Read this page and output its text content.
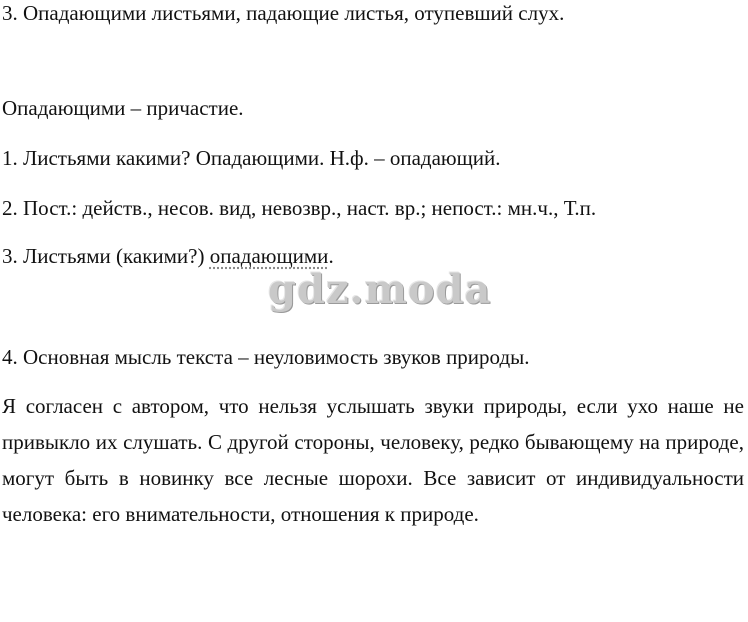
3. Опадающими листьями, падающие листья, отупевший слух.
Опадающими – причастие.
1. Листьями какими? Опадающими. Н.ф. – опадающий.
2. Пост.: действ., несов. вид, невозвр., наст. вр.; непост.: мн.ч., Т.п.
3. Листьями (какими?) опадающими.
gdz.moda
4. Основная мысль текста – неуловимость звуков природы.
Я согласен с автором, что нельзя услышать звуки природы, если ухо наше не привыкло их слушать. С другой стороны, человеку, редко бывающему на природе, могут быть в новинку все лесные шорохи. Все зависит от индивидуальности человека: его внимательности, отношения к природе.
